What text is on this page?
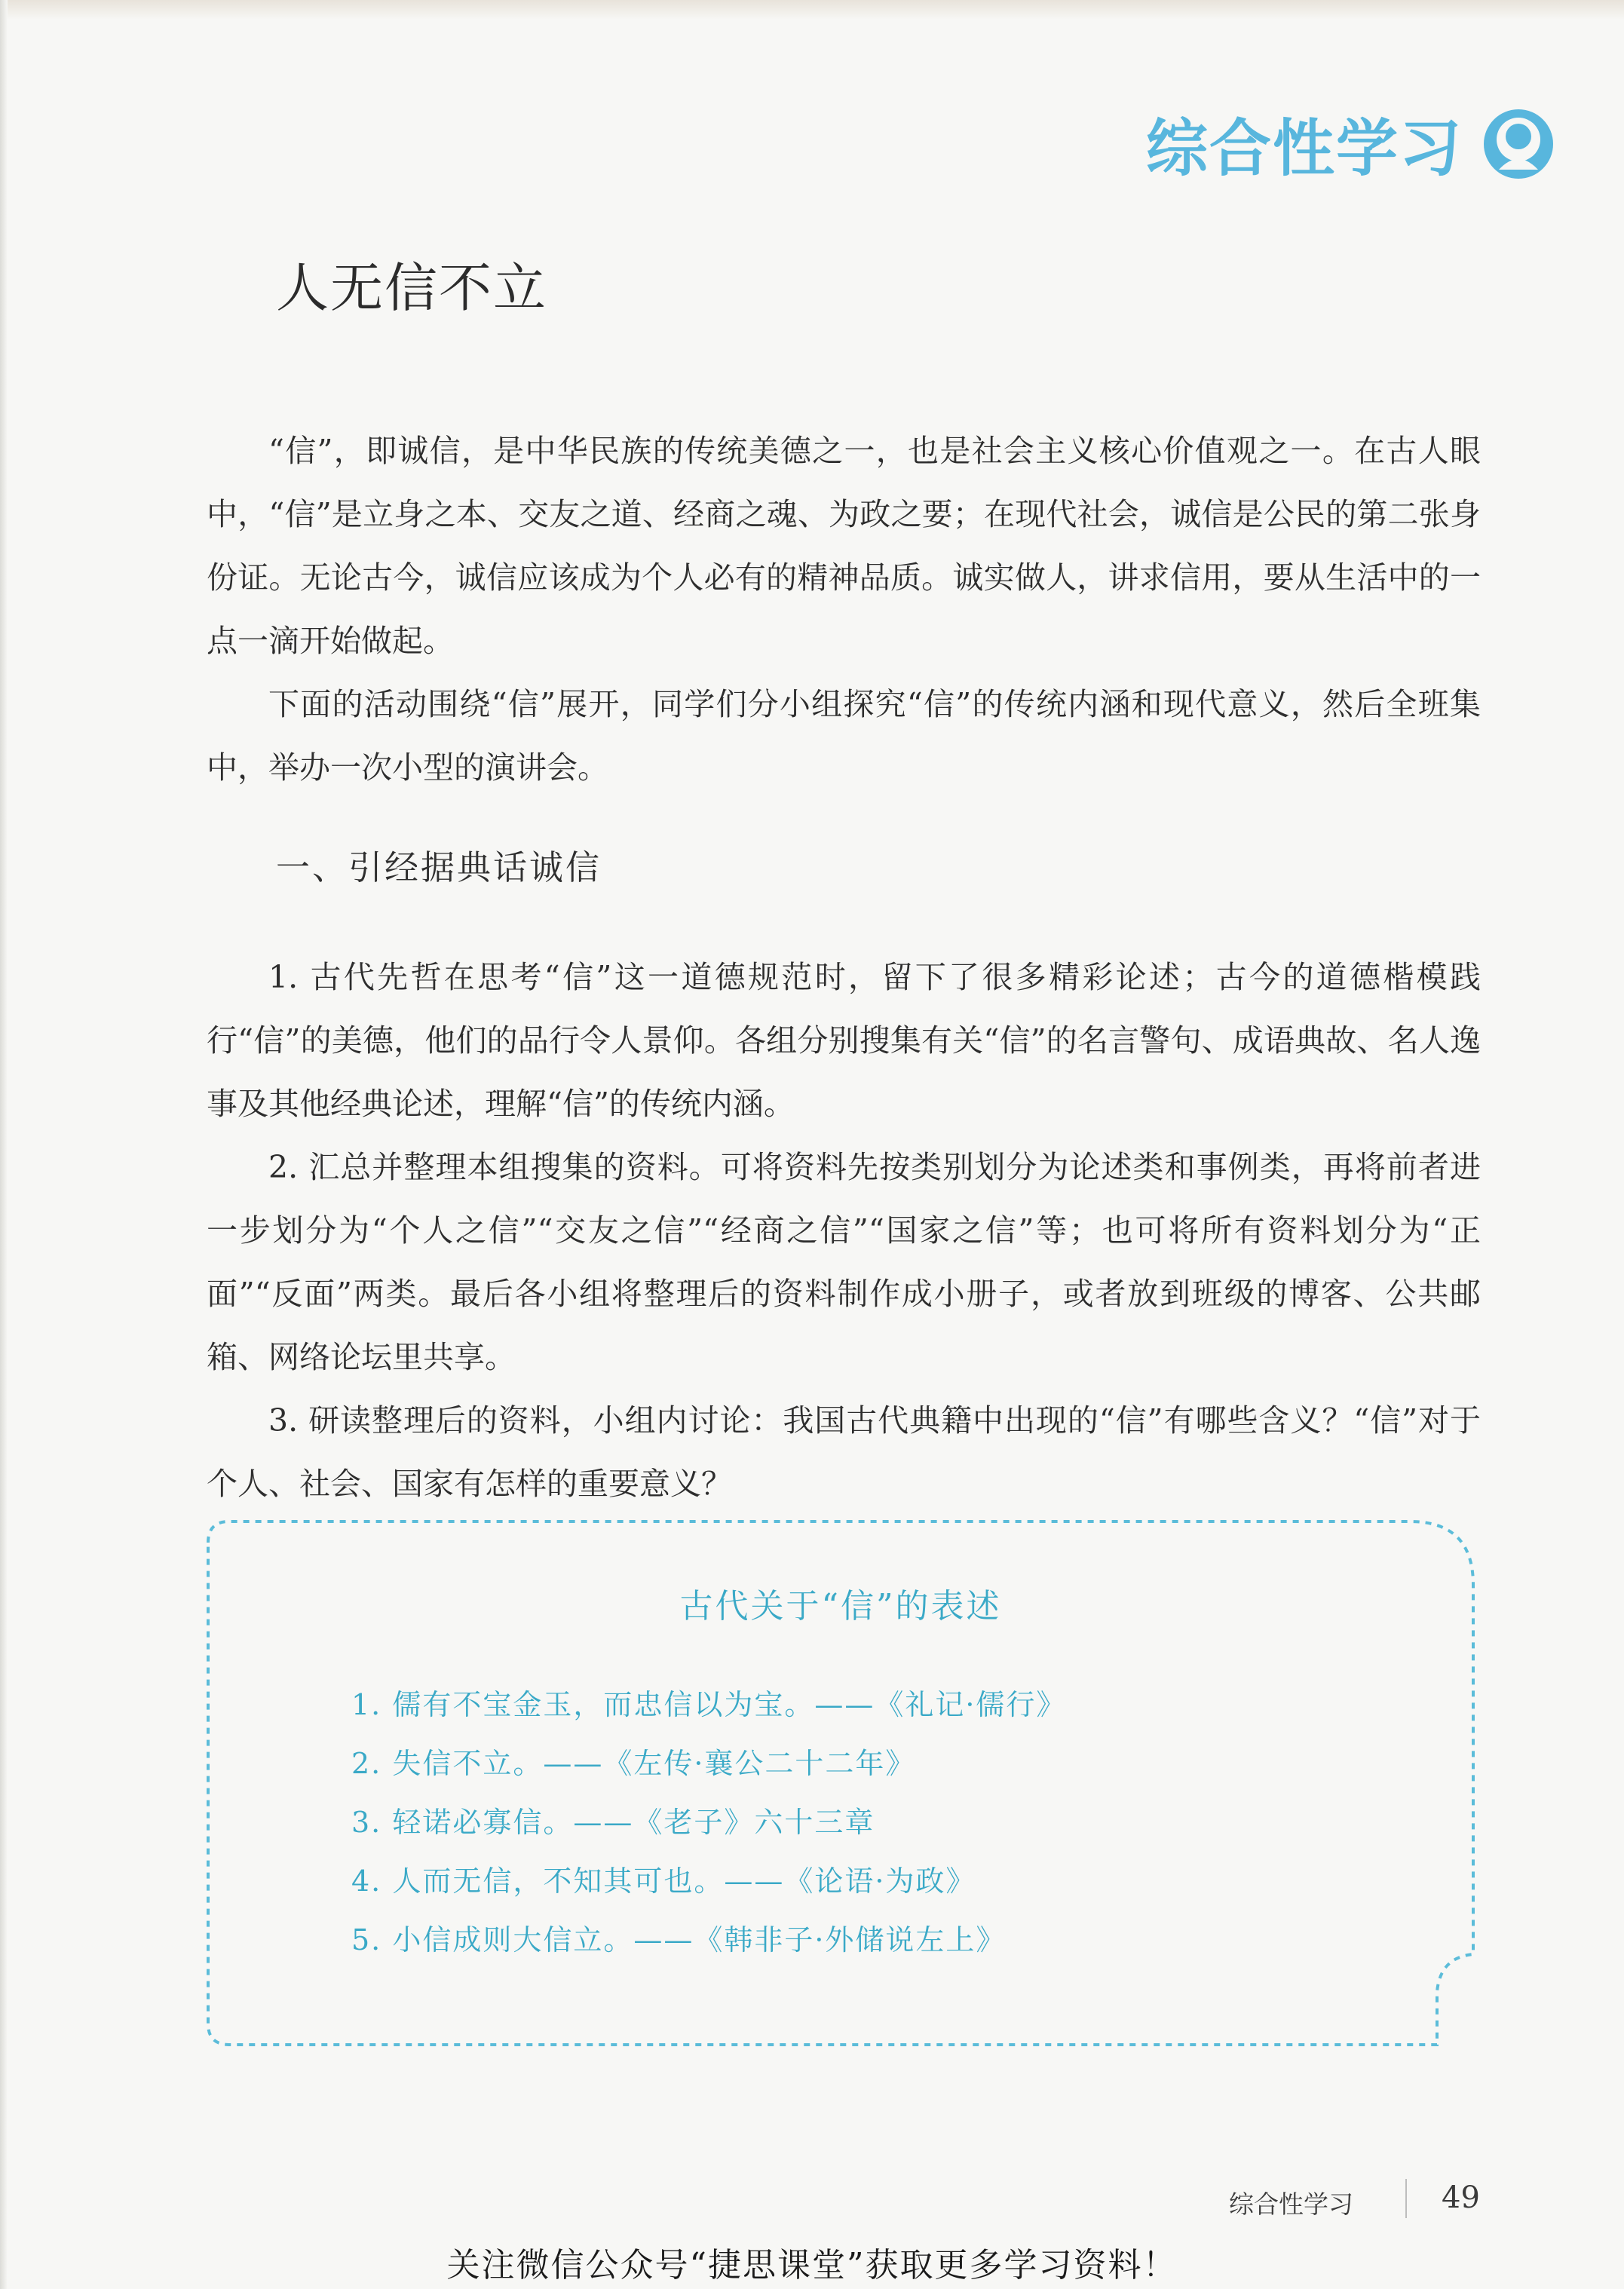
综合性学习
人无信不立

“信”，即诚信，是中华民族的传统美德之一，也是社会主义核心价值观之一。在古人眼中，“信”是立身之本、交友之道、经商之魂、为政之要；在现代社会，诚信是公民的第二张身份证。无论古今，诚信应该成为个人必有的精神品质。诚实做人，讲求信用，要从生活中的一点一滴开始做起。

下面的活动围绕“信”展开，同学们分小组探究“信”的传统内涵和现代意义，然后全班集中，举办一次小型的演讲会。

一、引经据典话诚信

1. 古代先哲在思考“信”这一道德规范时，留下了很多精彩论述；古今的道德楷模践行“信”的美德，他们的品行令人景仰。各组分别搜集有关“信”的名言警句、成语典故、名人逸事及其他经典论述，理解“信”的传统内涵。

2. 汇总并整理本组搜集的资料。可将资料先按类别划分为论述类和事例类，再将前者进一步划分为“个人之信”“交友之信”“经商之信”“国家之信”等；也可将所有资料划分为“正面”“反面”两类。最后各小组将整理后的资料制作成小册子，或者放到班级的博客、公共邮箱、网络论坛里共享。

3. 研读整理后的资料，小组内讨论：我国古代典籍中出现的“信”有哪些含义？“信”对于个人、社会、国家有怎样的重要意义？

古代关于“信”的表述
1. 儒有不宝金玉，而忠信以为宝。——《礼记·儒行》
2. 失信不立。——《左传·襄公二十二年》
3. 轻诺必寡信。——《老子》六十三章
4. 人而无信，不知其可也。——《论语·为政》
5. 小信成则大信立。——《韩非子·外储说左上》
综合性学习	49
关注微信公众号“捷思课堂”获取更多学习资料！
